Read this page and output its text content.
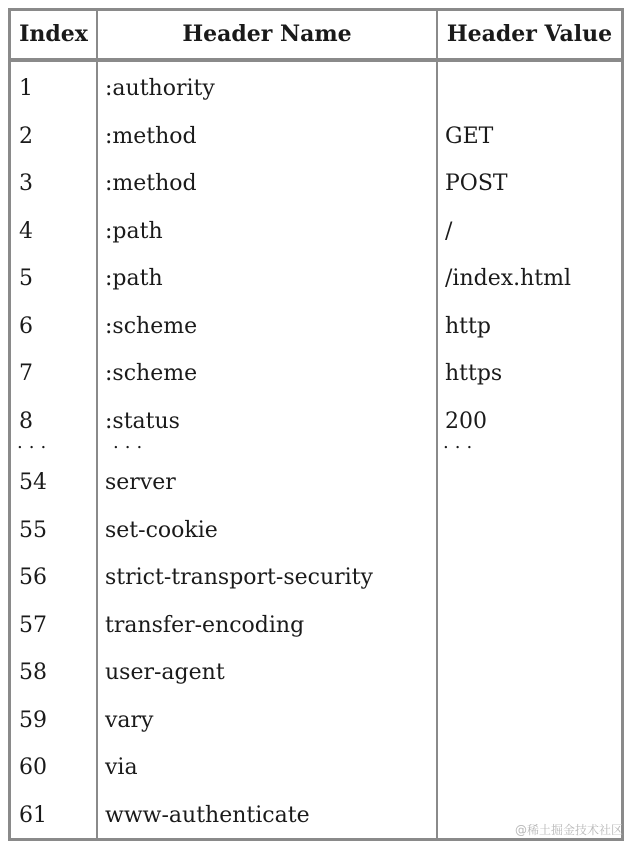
Index	Header Name	Header Value
1	:authority
2	:method	GET
3	:method	POST
4	:path	/
5	:path	/index.html
6	:scheme	http
7	:scheme	https
8	:status	200
...	...	...
54	server
55	set-cookie
56	strict-transport-security
57	transfer-encoding
58	user-agent
59	vary
60	via
61	www-authenticate
@稀土掘金技术社区
